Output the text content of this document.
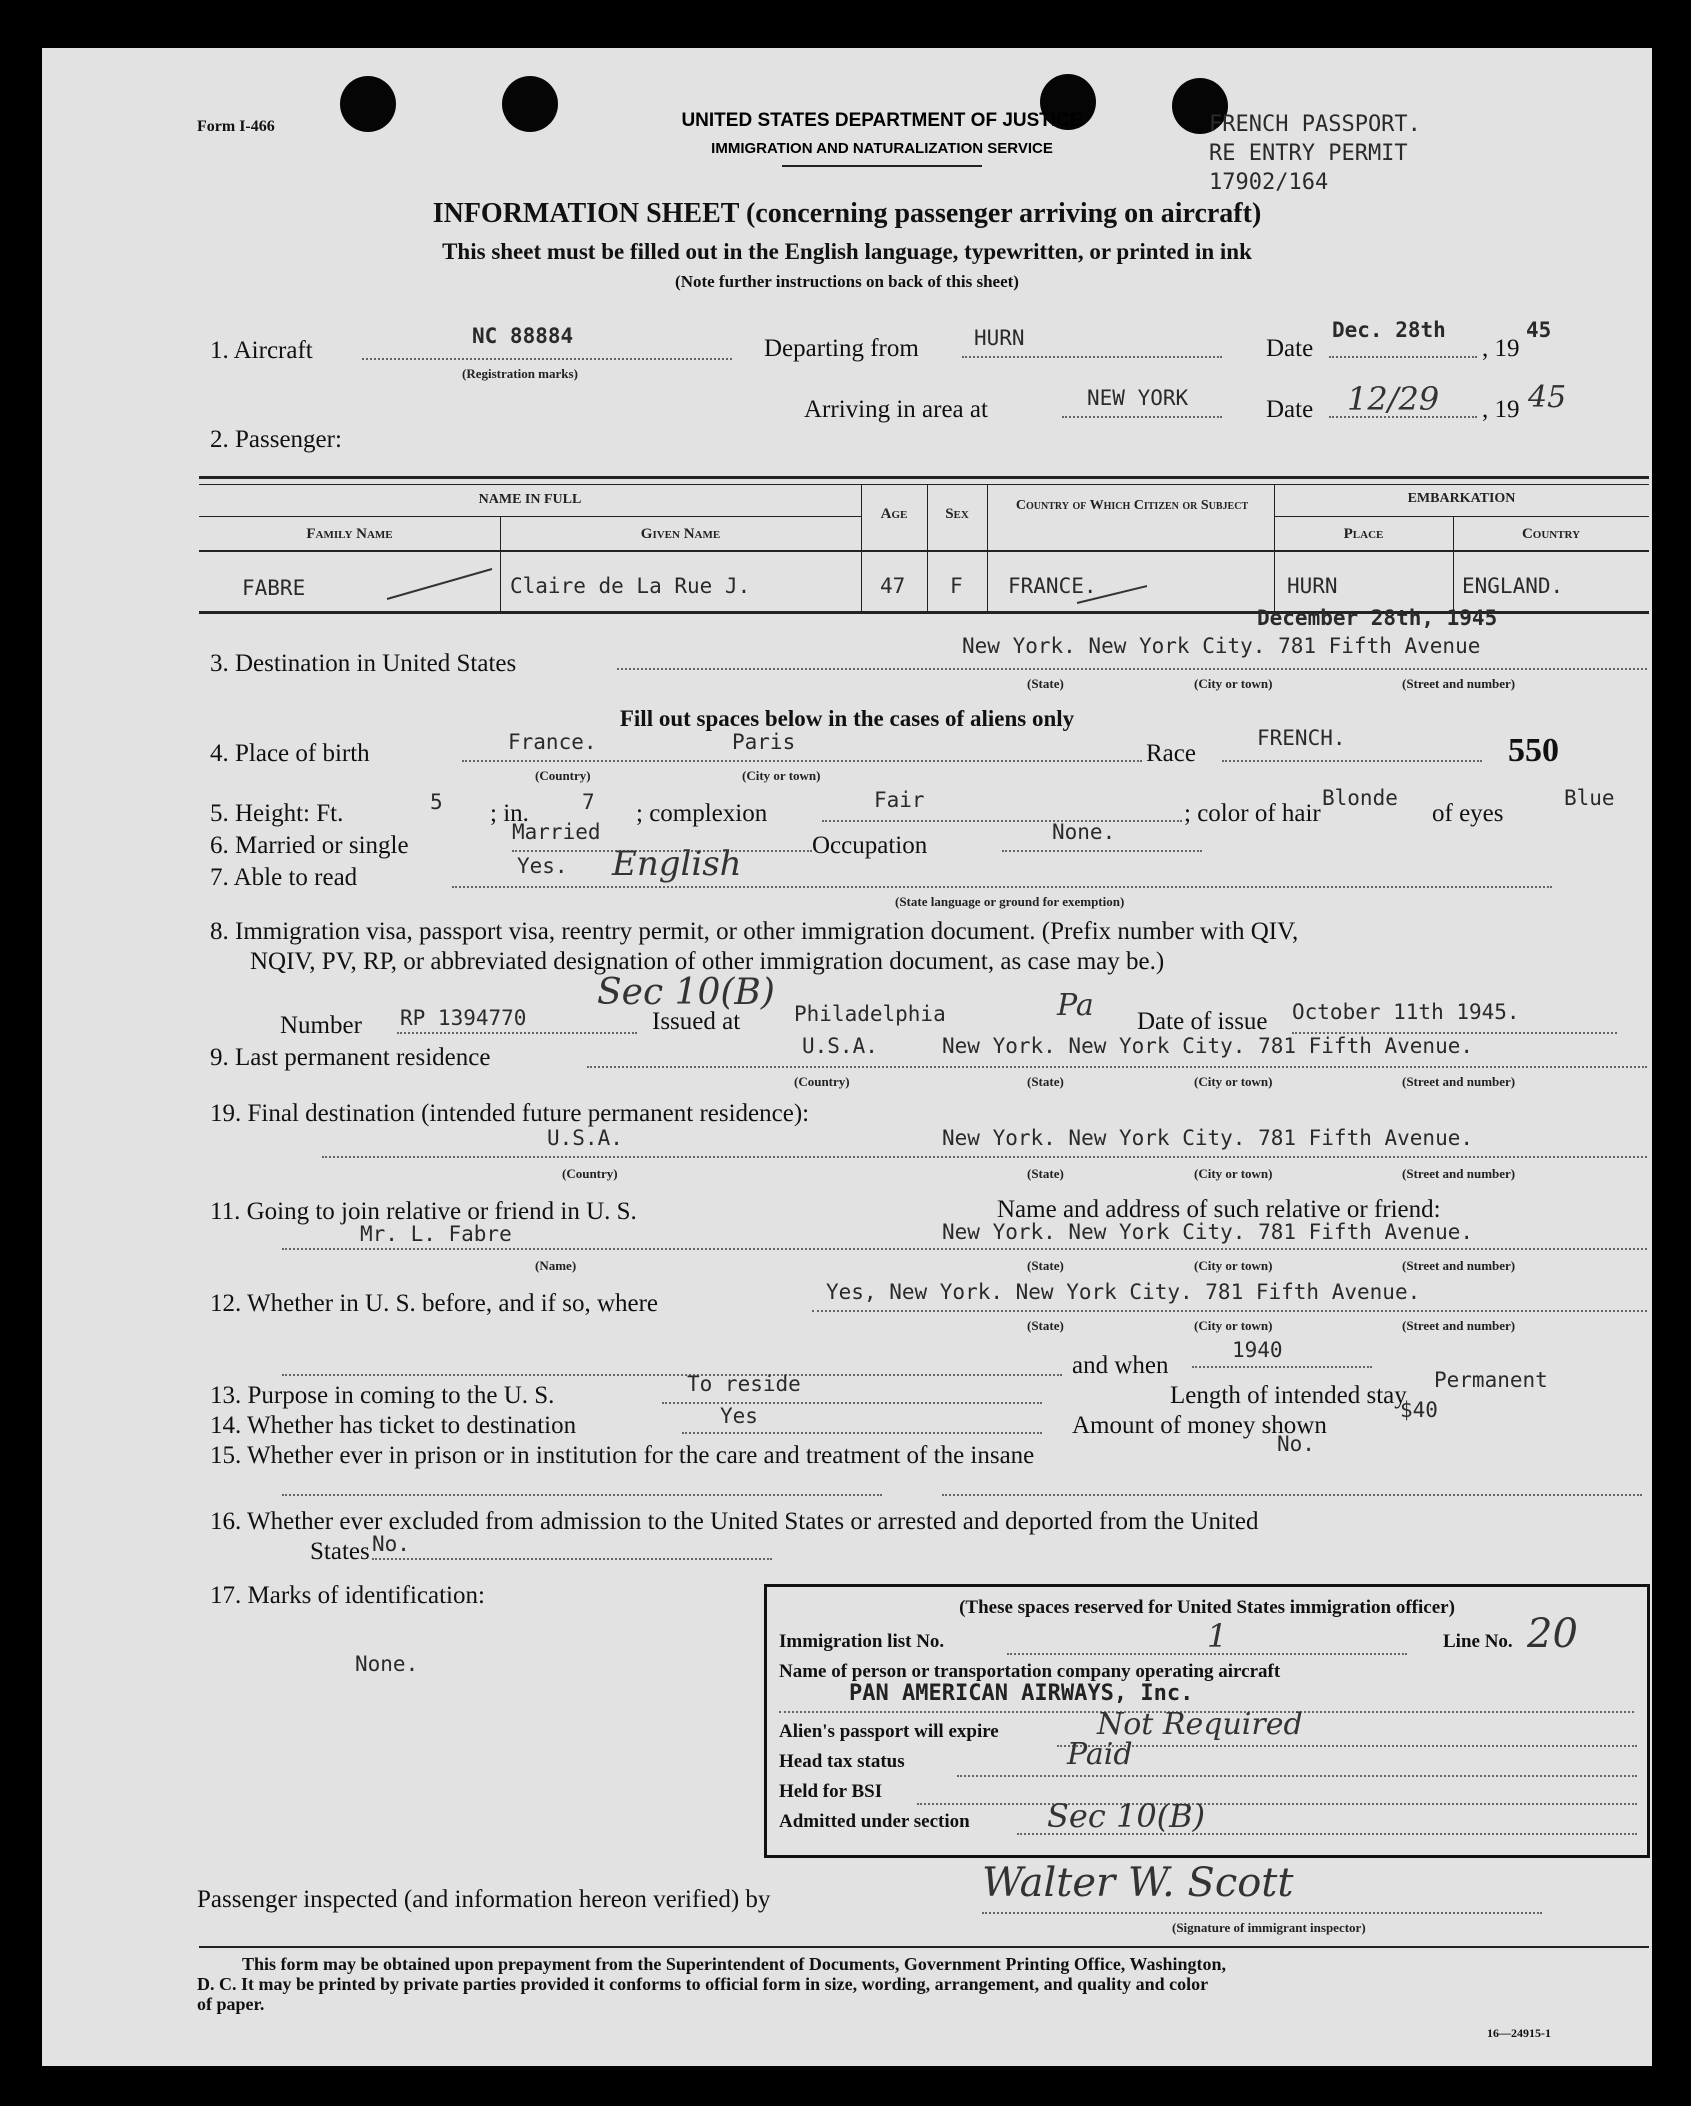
Form I-466	UNITED STATES DEPARTMENT OF JUSTICE
IMMIGRATION AND NATURALIZATION SERVICE
FRENCH PASSPORT.
RE ENTRY PERMIT
17902/164
INFORMATION SHEET (concerning passenger arriving on aircraft)
This sheet must be filled out in the English language, typewritten, or printed in ink
(Note further instructions on back of this sheet)
1. Aircraft
NC 88884
(Registration marks)
Departing from	HURN	Date
Dec. 28th
, 19
45
Arriving in area at	NEW YORK	Date 12/29 , 19 45
2. Passenger:
NAME IN FULL
Family Name	Given Name
Age	Sex
Country of Which Citizen or Subject	EMBARKATION
Place	Country
FABRE	Claire de La Rue J.	47 F FRANCE.	HURN	ENGLAND.
December 28th, 1945
3. Destination in United States
New York. New York City. 781 Fifth Avenue
(State)	(City or town)	(Street and number)
Fill out spaces below in the cases of aliens only
4. Place of birth	France.	Paris
(Country)	(City or town)
Race
FRENCH.	550
5. Height: Ft.	5 ; in.	7 ; complexion	Fair	; color of hair
Blonde
of eyes
Blue
6. Married or single	Married	Occupation	None.
7. Able to read	Yes. English
(State language or ground for exemption)
8. Immigration visa, passport visa, reentry permit, or other immigration document. (Prefix number with QIV,
NQIV, PV, RP, or abbreviated designation of other immigration document, as case may be.)
Number RP 1394770
Sec 10(B)
Issued at	Philadelphia	Pa Date of issue October 11th 1945.
9. Last permanent residence	U.S.A.	New York. New York City. 781 Fifth Avenue.
(Country)	(State)	(City or town)	(Street and number)
19. Final destination (intended future permanent residence):
U.S.A.	New York. New York City. 781 Fifth Avenue.
(Country)	(State)	(City or town)	(Street and number)
11. Going to join relative or friend in U. S.	Name and address of such relative or friend:
Mr. L. Fabre	New York. New York City. 781 Fifth Avenue.
(Name)	(State)	(City or town)	(Street and number)
12. Whether in U. S. before, and if so, where	Yes, New York. New York City. 781 Fifth Avenue.
(State)	(City or town)	(Street and number)
and when
1940
13. Purpose in coming to the U. S.	To reside	Length of intended stay
Permanent
14. Whether has ticket to destination	Yes	Amount of money shown
$40
15. Whether ever in prison or in institution for the care and treatment of the insane	No.
16. Whether ever excluded from admission to the United States or arrested and deported from the United
States No.
17. Marks of identification:
None.
(These spaces reserved for United States immigration officer)
Immigration list No.	1	Line No. 20
Name of person or transportation company operating aircraft
PAN AMERICAN AIRWAYS, Inc.
Alien's passport will expire	Not Required
Head tax status	Paid
Held for BSI
Admitted under section Sec 10(B)
Passenger inspected (and information hereon verified) by	Walter W. Scott
(Signature of immigrant inspector)
This form may be obtained upon prepayment from the Superintendent of Documents, Government Printing Office, Washington,
D. C. It may be printed by private parties provided it conforms to official form in size, wording, arrangement, and quality and color
of paper.
16—24915-1
